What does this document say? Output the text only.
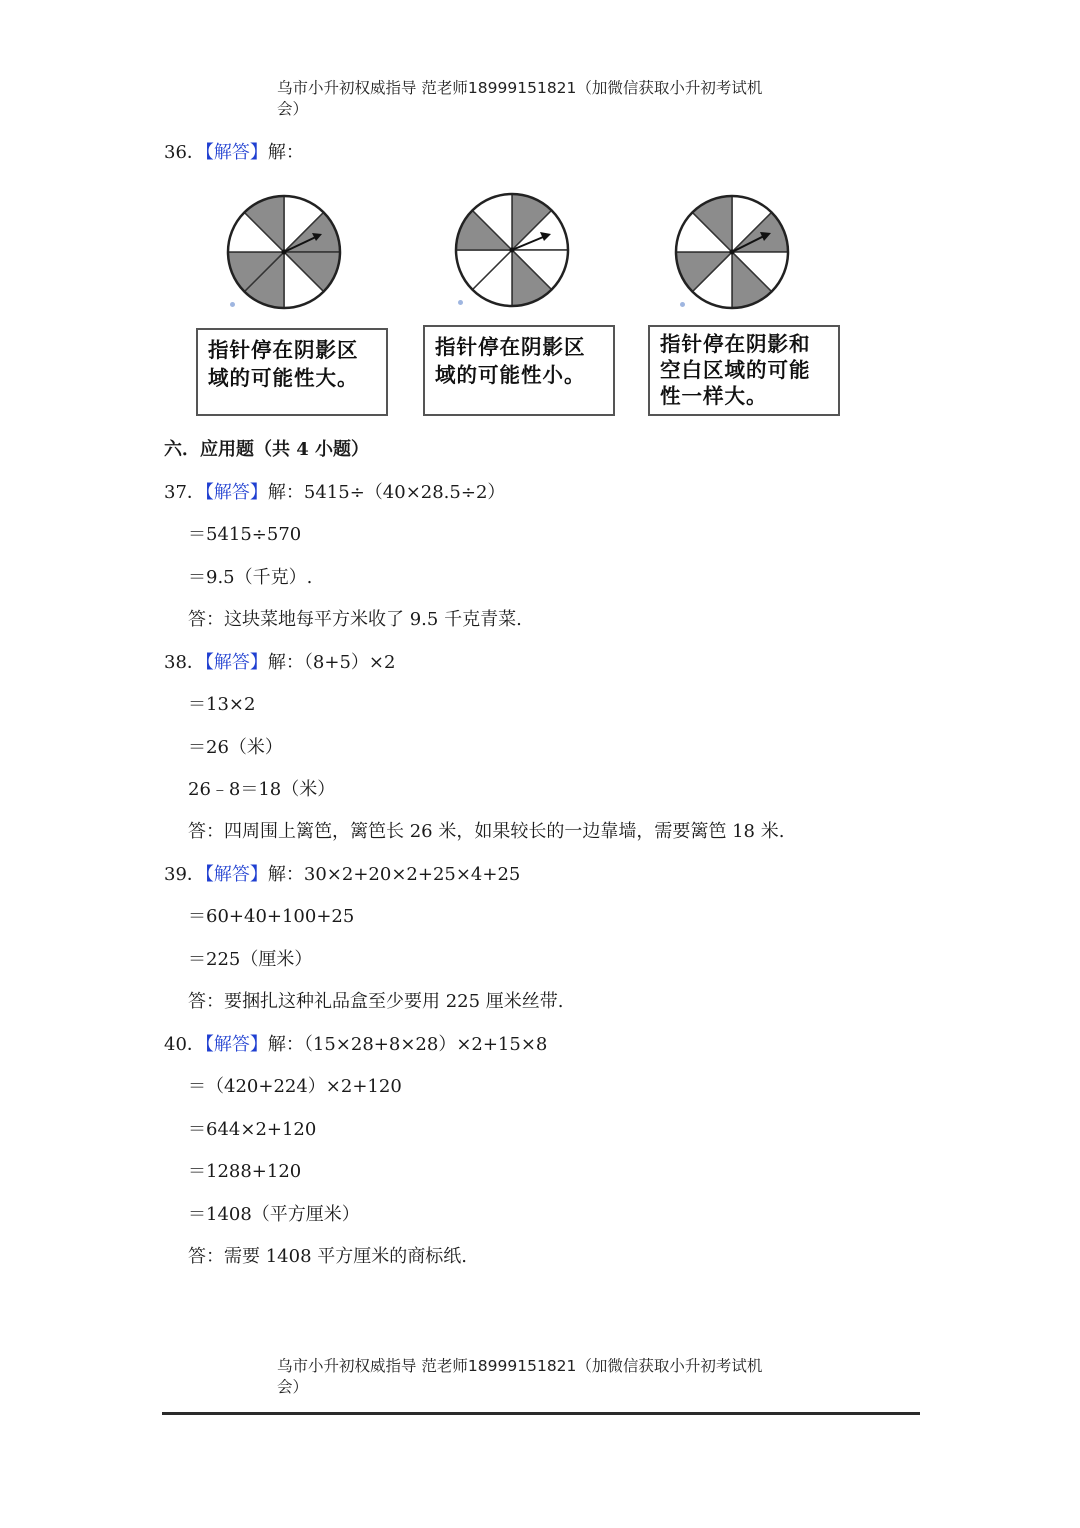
乌市小升初权威指导 范老师18999151821（加微信获取小升初考试机
会）
36．【解答】解：
指针停在阴影区
域的可能性大。
指针停在阴影区
域的可能性小。
指针停在阴影和
空白区域的可能
性一样大。
六．应用题（共 4 小题）
37．【解答】解：5415÷（40×28.5÷2）
＝5415÷570
＝9.5（千克）.
答：这块菜地每平方米收了 9.5 千克青菜.
38．【解答】解：（8+5）×2
＝13×2
＝26（米）
26﹣8＝18（米）
答：四周围上篱笆，篱笆长 26 米，如果较长的一边靠墙，需要篱笆 18 米.
39．【解答】解：30×2+20×2+25×4+25
＝60+40+100+25
＝225（厘米）
答：要捆扎这种礼品盒至少要用 225 厘米丝带.
40．【解答】解：（15×28+8×28）×2+15×8
＝（420+224）×2+120
＝644×2+120
＝1288+120
＝1408（平方厘米）
答：需要 1408 平方厘米的商标纸.
乌市小升初权威指导 范老师18999151821（加微信获取小升初考试机
会）
